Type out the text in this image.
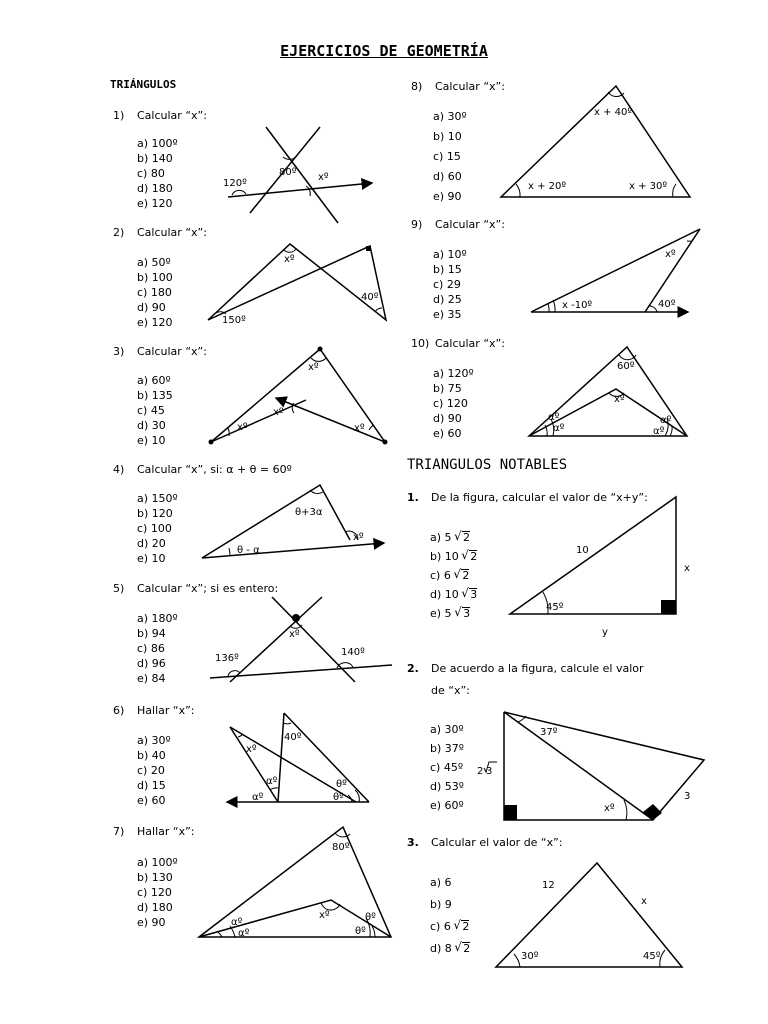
EJERCICIOS DE GEOMETRÍA
TRIÁNGULOS
TRIANGULOS NOTABLES
1) Calcular “x”:
a) 100º
b) 140
c) 80
d) 180
e) 120
2) Calcular “x”:
a) 50º
b) 100
c) 180
d) 90
e) 120
3) Calcular “x”:
a) 60º
b) 135
c) 45
d) 30
e) 10
4) Calcular “x”, si: α + θ = 60º
a) 150º
b) 120
c) 100
d) 20
e) 10
5) Calcular “x”; si es entero:
a) 180º
b) 94
c) 86
d) 96
e) 84
6) Hallar “x”:
a) 30º
b) 40
c) 20
d) 15
e) 60
7) Hallar “x”:
a) 100º
b) 130
c) 120
d) 180
e) 90
8) Calcular “x”:
a) 30º
b) 10
c) 15
d) 60
e) 90
9) Calcular “x”:
a) 10º
b) 15
c) 29
d) 25
e) 35
10) Calcular “x”:
a) 120º
b) 75
c) 120
d) 90
e) 60
1. De la figura, calcular el valor de “x+y”:
a) 5 √ 2
b) 10 √ 2
c) 6 √ 2
d) 10 √ 3
e) 5 √ 3
2. De acuerdo a la figura, calcule el valor
de “x”:
a) 30º
b) 37º
c) 45º
d) 53º
e) 60º
3. Calcular el valor de “x”:
a) 6
b) 9
c) 6 √ 2
d) 8 √ 2
120º
80º xº
xº
40º
150º
xº
xº
xº
xº
θ+3α
xº
θ - α
xº
136º
140º
xº
40º
αº
αº
θº
θº
80º
xº
αº
αº
θº
θº
x + 40º
x + 20º	x + 30º
xº
x -10º	40º
60º
xº
αº
αº
αº
αº
10
x
45º
y
37º
2 3
3
xº
12
x
30º	45º
